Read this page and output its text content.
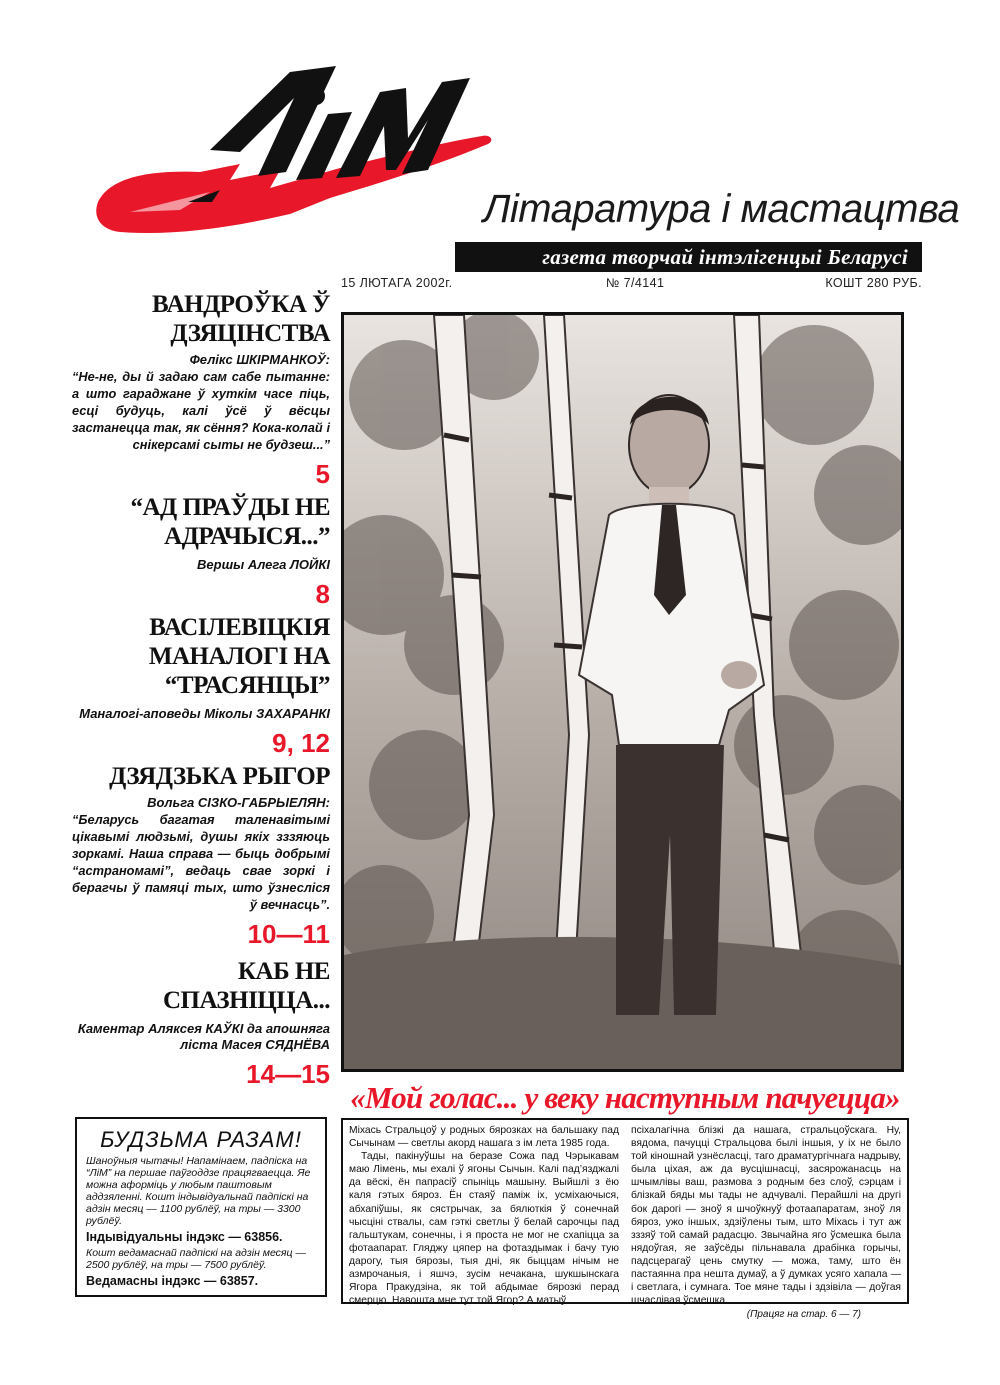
Літаратура і мастацтва
газета творчай інтэлігенцыі Беларусі
15 ЛЮТАГА 2002г.	№ 7/4141	КОШТ 280 РУБ.
ВАНДРОЎКА Ў ДЗЯЦІНСТВА
Фелікс ШКІРМАНКОЎ:
“Не-не, ды й задаю сам сабе пытанне: а што гараджане ў хуткім часе піць, есці будуць, калі ўсё ў вёсцы застанецца так, як сёння? Кока-колай і снікерсамі сыты не будзеш...”
5
“АД ПРАЎДЫ НЕ АДРАЧЫСЯ...”
Вершы Алега ЛОЙКІ
8
ВАСІЛЕВІЦКІЯ МАНАЛОГІ НА “ТРАСЯНЦЫ”
Маналогі-аповеды Міколы ЗАХАРАНКІ
9, 12
ДЗЯДЗЬКА РЫГОР
Вольга СІЗКО-ГАБРЫЕЛЯН:
“Беларусь багатая таленавітымі цікавымі людзьмі, душы якіх зззяюць зоркамі. Наша справа — быць добрымі “астраномамі”, ведаць свае зоркі і берагчы ў памяці тых, што ўзнесліся ў вечнасць”.
10—11
КАБ НЕ СПАЗНІЦЦА...
Каментар Аляксея КАЎКІ да апошняга ліста Масея СЯДНЁВА
14—15
БУДЗЬМА РАЗАМ!
Шаноўныя чытачы! Напамінаем, падпіска на “ЛіМ” на першае паўгоддзе працягваецца. Яе можна аформіць у любым паштовым аддзяленні. Кошт індывідуальнай падпіскі на адзін месяц — 1100 рублёў, на тры — 3300 рублёў.
Індывідуальны індэкс — 63856.
Кошт ведамаснай падпіскі на адзін месяц — 2500 рублёў, на тры — 7500 рублёў.
Ведамасны індэкс — 63857.
«Мой голас... у веку наступным пачуецца»

Міхась Стральцоў у родных бярозках на бальшаку пад Сычынам — светлы акорд нашага з ім лета 1985 года.

Тады, пакінуўшы на беразе Сожа пад Чэрыкавам маю Лімень, мы ехалі ў ягоны Сычын. Калі пад’язджалі да вёскі, ён папрасіў спыніць машыну. Выйшлі з ёю каля гэтых бяроз. Ён стаяў паміж іх, усміхаючыся, абхапіўшы, як сястрычак, за бялюткія ў сонечнай чысціні ствалы, сам гэткі светлы ў белай сарочцы пад гальштукам, сонечны, і я проста не мог не схапіцца за фотаапарат. Гляджу цяпер на фотаздымак і бачу тую дарогу, тыя бярозы, тыя дні, як быццам нічым не азмрочаныя, і яшчэ, зусім нечакана, шукшынскага Ягора Пракудзіна, як той абдымае бярозкі перад смерцю. Навошта мне тут той Ягор? А матыў

псіхалагічна блізкі да нашага, стральцоўскага. Ну, вядома, пачуцці Стральцова былі іншыя, у іх не было той кіношнай узнёсласці, таго драматургічнага надрыву, была ціхая, аж да вусцішнасці, засярожанасць на шчымлівы ваш, размова з родным без слоў, сэрцам і блізкай бяды мы тады не адчувалі. Перайшлі на другі бок дарогі — зноў я шчоўкнуў фотаапаратам, зноў ля бяроз, ужо іншых, здзіўлены тым, што Міхась і тут аж зззяў той самай радасцю. Звычайна яго ўсмешка была нядоўгая, яе заўсёды пільнавала драбінка горычы, падсцерагаў цень смутку — можа, таму, што ён пастаянна пра нешта думаў, а ў думках усяго хапала — і светлага, і сумнага. Тое мяне тады і здзівіла — доўгая шчаслівая ўсмешка.

(Працяг на стар. 6 — 7)
